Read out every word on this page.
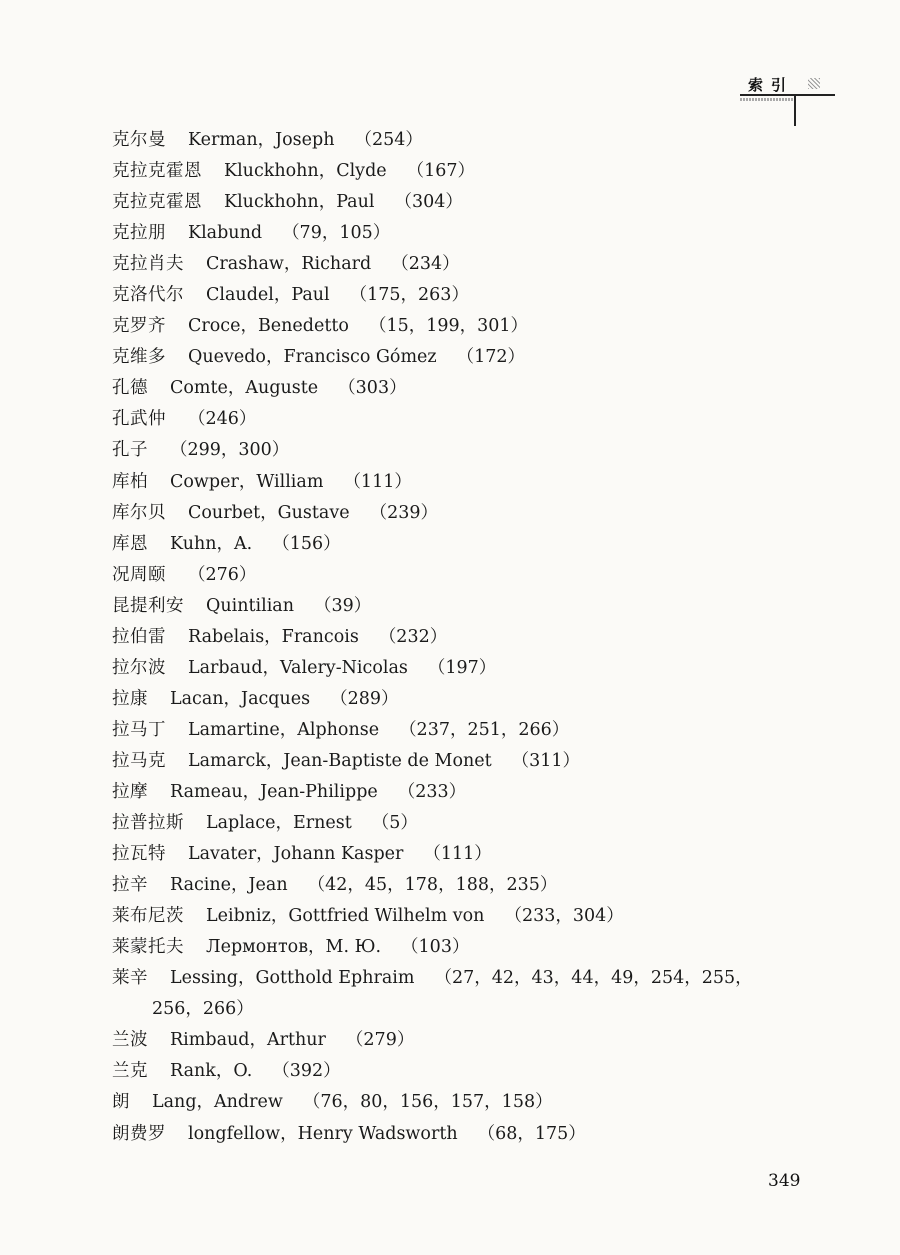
索引
克尔曼 Kerman，Joseph （254）
克拉克霍恩 Kluckhohn，Clyde （167）
克拉克霍恩 Kluckhohn，Paul （304）
克拉朋 Klabund （79，105）
克拉肖夫 Crashaw，Richard （234）
克洛代尔 Claudel，Paul （175，263）
克罗齐 Croce，Benedetto （15，199，301）
克维多 Quevedo，Francisco Gómez （172）
孔德 Comte，Auguste （303）
孔武仲 （246）
孔子 （299，300）
库柏 Cowper，William （111）
库尔贝 Courbet，Gustave （239）
库恩 Kuhn，A. （156）
况周颐 （276）
昆提利安 Quintilian （39）
拉伯雷 Rabelais，Francois （232）
拉尔波 Larbaud，Valery-Nicolas （197）
拉康 Lacan，Jacques （289）
拉马丁 Lamartine，Alphonse （237，251，266）
拉马克 Lamarck，Jean-Baptiste de Monet （311）
拉摩 Rameau，Jean-Philippe （233）
拉普拉斯 Laplace，Ernest （5）
拉瓦特 Lavater，Johann Kasper （111）
拉辛 Racine，Jean （42，45，178，188，235）
莱布尼茨 Leibniz，Gottfried Wilhelm von （233，304）
莱蒙托夫 Лермонтов，М. Ю. （103）
莱辛 Lessing，Gotthold Ephraim （27，42，43，44，49，254，255，
256，266）
兰波 Rimbaud，Arthur （279）
兰克 Rank，O. （392）
朗 Lang，Andrew （76，80，156，157，158）
朗费罗 longfellow，Henry Wadsworth （68，175）
349
